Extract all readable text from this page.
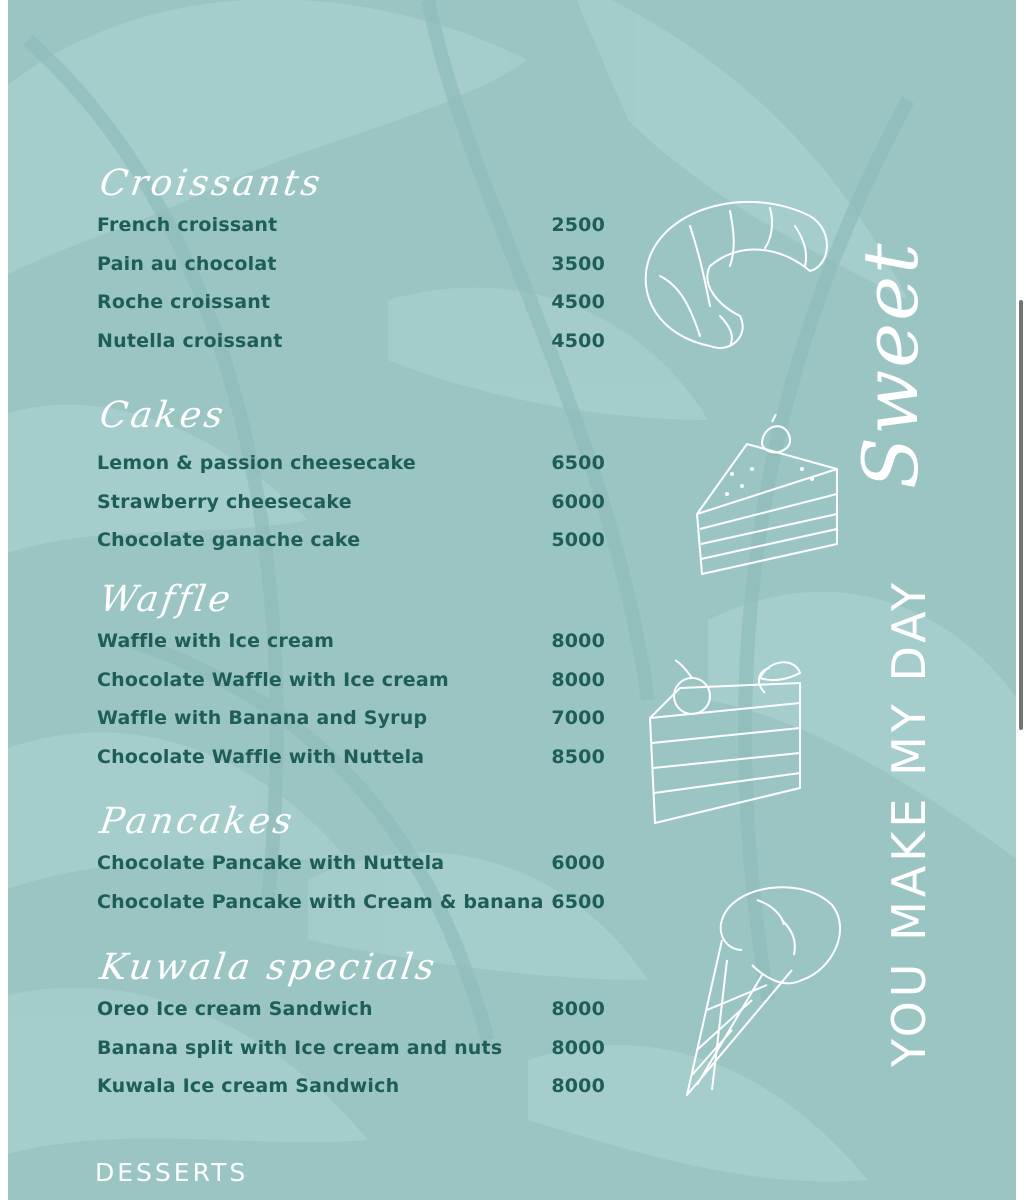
Croissants
French croissant	2500
Pain au chocolat	3500
Roche croissant	4500
Nutella croissant	4500
Cakes
Lemon & passion cheesecake	6500
Strawberry cheesecake	6000
Chocolate ganache cake	5000
Waffle
Waffle with Ice cream	8000
Chocolate Waffle with Ice cream	8000
Waffle with Banana and Syrup	7000
Chocolate Waffle with Nuttela	8500
Pancakes
Chocolate Pancake with Nuttela	6000
Chocolate Pancake with Cream & banana 6500
Kuwala specials
Oreo Ice cream Sandwich	8000
Banana split with Ice cream and nuts	8000
Kuwala Ice cream Sandwich	8000
YOU MAKE MY DAY
Sweet
DESSERTS
